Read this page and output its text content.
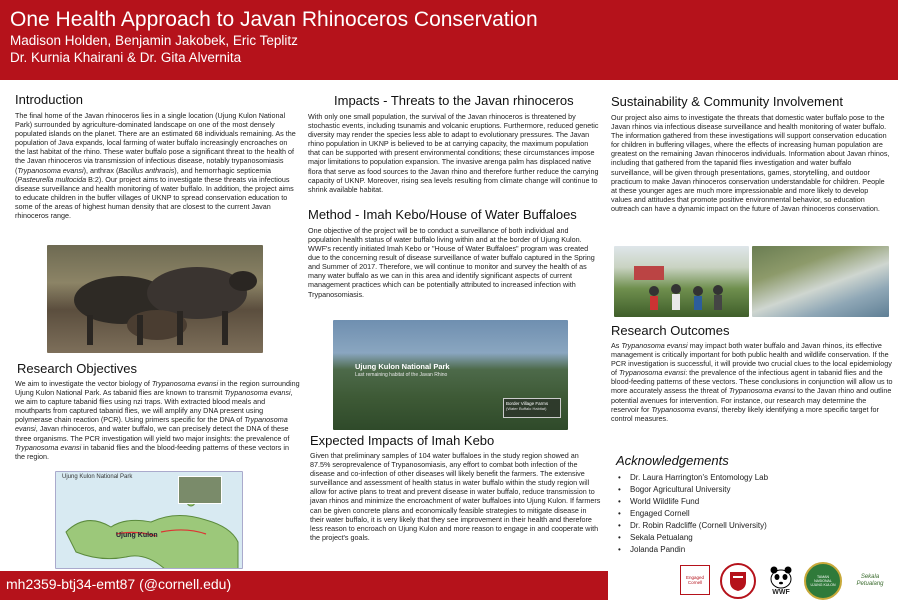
One Health Approach to Javan Rhinoceros Conservation
Madison Holden, Benjamin Jakobek, Eric Teplitz
Dr. Kurnia Khairani & Dr. Gita Alvernita
Introduction

The final home of the Javan rhinoceros lies in a single location (Ujung Kulon National Park) surrounded by agriculture-dominated landscape on one of the most densely populated islands on the planet. There are an estimated 68 individuals remaining. As the population of Java expands, local farming of water buffalo increasingly encroaches on the last habitat of the rhino. These water buffalo pose a significant threat to the health of the Javan rhinoceros via transmission of infectious disease, notably trypanosomiasis (Trypanosoma evansi), anthrax (Bacillus anthracis), and hemorrhagic septicemia (Pasteurella multocida B:2). Our project aims to investigate these threats via infectious disease surveillance and health monitoring of water buffalo. In addition, the project aims to educate children in the buffer villages of UKNP to spread conservation education to some of the areas of highest human density that are closest to the current Javan rhinoceros range.

Research Objectives

We aim to investigate the vector biology of Trypanosoma evansi in the region surrounding Ujung Kulon National Park. As tabanid flies are known to transmit Trypanosoma evansi, we aim to capture tabanid flies using nzi traps. With extracted blood meals and mouthparts from captured tabanid flies, we will amplify any DNA present using polymerase chain reaction (PCR). Using primers specific for the DNA of Trypanosoma evansi, Javan rhinoceros, and water buffalo, we can precisely detect the DNA of these three organisms. The PCR investigation will yield two major insights: the prevalence of Trypanosoma evansi in tabanid flies and the blood-feeding patterns of these vectors in the region.

Ujung Kulon National Park
Ujung Kulon
Impacts - Threats to the Javan rhinoceros

With only one small population, the survival of the Javan rhinoceros is threatened by stochastic events, including tsunamis and volcanic eruptions. Furthermore, reduced genetic diversity may render the species less able to adapt to evolutionary pressures. The Javan rhino population in UKNP is believed to be at carrying capacity, the maximum population that can be supported with present environmental conditions; these circumstances impose major limitations to population expansion. The invasive arenga palm has displaced native flora that serve as food sources to the Javan rhino and therefore further reduce the carrying capacity of UKNP. Moreover, rising sea levels resulting from climate change will continue to shrink available habitat.

Method - Imah Kebo/House of Water Buffaloes

One objective of the project will be to conduct a surveillance of both individual and population health status of water buffalo living within and at the border of Ujung Kulon. WWF's recently initiated Imah Kebo or "House of Water Buffaloes" program was created due to the concerning result of disease surveillance of water buffalo captured in the Spring and Summer of 2017. Therefore, we will continue to monitor and survey the health of as many water buffalo as we can in this area and identify significant aspects of current management practices which can be potentially attributed to increased infection with Trypanosomiasis.

Ujung Kulon National Park
Last remaining habitat of the Javan Rhino
Border Village Farms
(Water Buffalo Habitat)
Expected Impacts of Imah Kebo

Given that preliminary samples of 104 water buffaloes in the study region showed an 87.5% seroprevalence of Trypanosomiasis, any effort to combat both infection of the disease and co-infection of other diseases will likely benefit the farmers. The extensive surveillance and assessment of health status in water buffalo within the study region will allow for active plans to treat and prevent disease in water buffalo, reduce transmission to javan rhinos and minimize the encroachment of water buffaloes into Ujung Kulon. If farmers can be given concrete plans and economically feasible strategies to mitigate disease in their water buffalo, it is very likely that they see improvement in their health and therefore less reason to encroach on Ujung Kulon and more reason to engage in and cooperate with the project's goals.

Sustainability & Community Involvement

Our project also aims to investigate the threats that domestic water buffalo pose to the Javan rhinos via infectious disease surveillance and health monitoring of water buffalo. The information gathered from these investigations will support conservation education for children in buffering villages, where the effects of increasing human population are greatest on the remaining Javan rhinoceros individuals. Information about Javan rhinos, including that gathered from the tapanid flies investigation and water buffalo surveillance, will be given through presentations, games, storytelling, and outdoor practicum to make Javan rhinoceros conservation understandable for children. People at these younger ages are much more impressionable and more likely to develop values and attitudes that promote positive environmental behavior, so education outreach can have a dynamic impact on the future of Javan rhinoceros conservation.

Research Outcomes

As Trypanosoma evansi may impact both water buffalo and Javan rhinos, its effective management is critically important for both public health and wildlife conservation. If the PCR investigation is successful, it will provide two crucial clues to the local epidemiology of Trypanosoma evansi: the prevalence of the infectious agent in tabanid flies and the blood-feeding patterns of these vectors. These conclusions in conjunction will allow us to more accurately assess the threat of Trypanosoma evansi to the Javan rhino and outline potential avenues for intervention. For instance, our research may determine the reservoir for Trypanosoma evansi, thereby likely identifying a more specific target for control measures.

Acknowledgements
• Dr. Laura Harrington's Entomology Lab
• Bogor Agricultural University
• World Wildlife Fund
• Engaged Cornell
• Dr. Robin Radcliffe (Cornell University)
• Sekala Petualang
• Jolanda Pandin
mh2359-btj34-emt87 (@cornell.edu)	Engaged Cornell
WWF
TAMAN NASIONAL UJUNG KULON
Sekala Petualang
